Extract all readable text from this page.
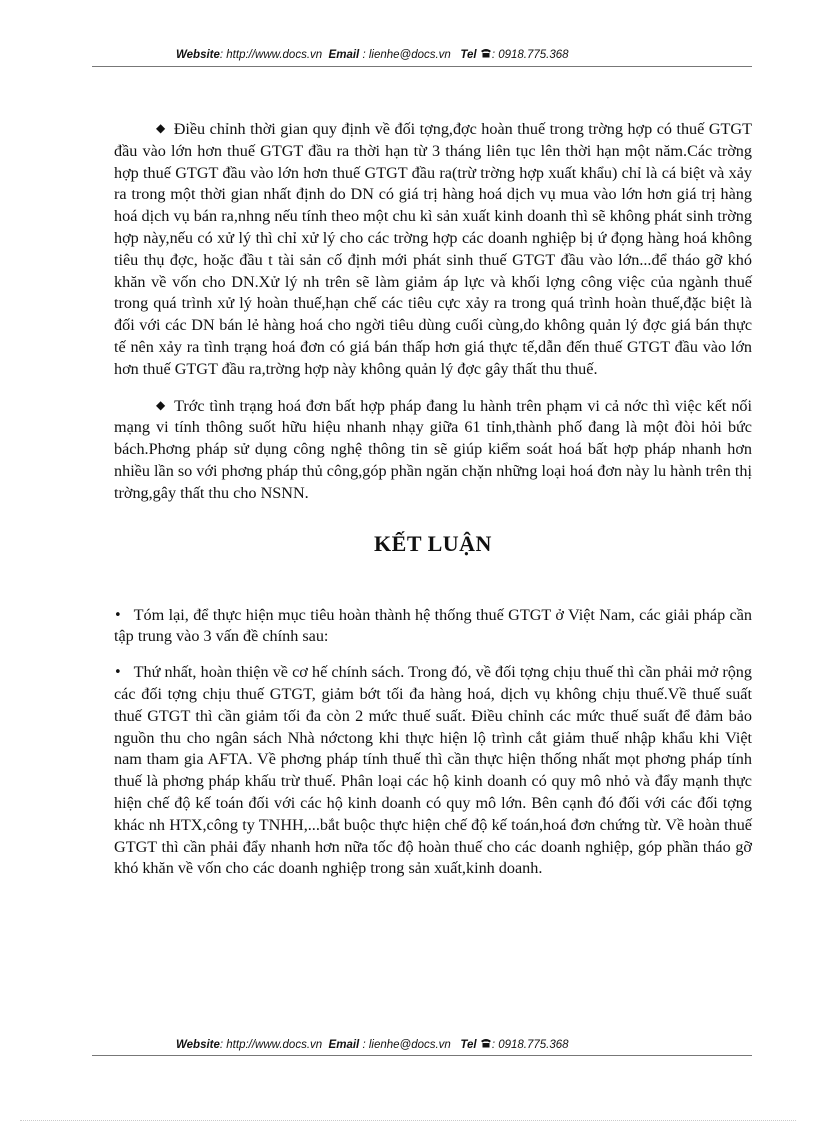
Website: http://www.docs.vn Email : lienhe@docs.vn Tel : 0918.775.368

◆ Điều chỉnh thời gian quy định về đối tợng,đợc hoàn thuế trong trờng hợp có thuế GTGT đầu vào lớn hơn thuế GTGT đầu ra thời hạn từ 3 tháng liên tục lên thời hạn một năm.Các trờng hợp thuế GTGT đầu vào lớn hơn thuế GTGT đầu ra(trừ trờng hợp xuất khẩu) chỉ là cá biệt và xảy ra trong một thời gian nhất định do DN có giá trị hàng hoá dịch vụ mua vào lớn hơn giá trị hàng hoá dịch vụ bán ra,nhng nếu tính theo một chu kì sản xuất kinh doanh thì sẽ không phát sinh trờng hợp này,nếu có xử lý thì chỉ xử lý cho các trờng hợp các doanh nghiệp bị ứ đọng hàng hoá không tiêu thụ đợc, hoặc đầu t tài sản cố định mới phát sinh thuế GTGT đầu vào lớn...để tháo gỡ khó khăn về vốn cho DN.Xử lý nh trên sẽ làm giảm áp lực và khối lợng công việc của ngành thuế trong quá trình xử lý hoàn thuế,hạn chế các tiêu cực xảy ra trong quá trình hoàn thuế,đặc biệt là đối với các DN bán lẻ hàng hoá cho ngời tiêu dùng cuối cùng,do không quản lý đợc giá bán thực tế nên xảy ra tình trạng hoá đơn có giá bán thấp hơn giá thực tế,dẫn đến thuế GTGT đầu vào lớn hơn thuế GTGT đầu ra,trờng hợp này không quản lý đợc gây thất thu thuế.

◆ Trớc tình trạng hoá đơn bất hợp pháp đang lu hành trên phạm vi cả nớc thì việc kết nối mạng vi tính thông suốt hữu hiệu nhanh nhạy giữa 61 tỉnh,thành phố đang là một đòi hỏi bức bách.Phơng pháp sử dụng công nghệ thông tin sẽ giúp kiểm soát hoá bất hợp pháp nhanh hơn nhiều lần so với phơng pháp thủ công,góp phần ngăn chặn những loại hoá đơn này lu hành trên thị trờng,gây thất thu cho NSNN.

KẾT LUẬN

• Tóm lại, để thực hiện mục tiêu hoàn thành hệ thống thuế GTGT ở Việt Nam, các giải pháp cần tập trung vào 3 vấn đề chính sau:

• Thứ nhất, hoàn thiện về cơ hế chính sách. Trong đó, về đối tợng chịu thuế thì cần phải mở rộng các đối tợng chịu thuế GTGT, giảm bớt tối đa hàng hoá, dịch vụ không chịu thuế.Về thuế suất thuế GTGT thì cần giảm tối đa còn 2 mức thuế suất. Điều chỉnh các mức thuế suất để đảm bảo nguồn thu cho ngân sách Nhà nớctong khi thực hiện lộ trình cắt giảm thuế nhập khẩu khi Việt nam tham gia AFTA. Về phơng pháp tính thuế thì cần thực hiện thống nhất mọt phơng pháp tính thuế là phơng pháp khấu trừ thuế. Phân loại các hộ kinh doanh có quy mô nhỏ và đẩy mạnh thực hiện chế độ kế toán đối với các hộ kinh doanh có quy mô lớn. Bên cạnh đó đối với các đối tợng khác nh HTX,công ty TNHH,...bắt buộc thực hiện chế độ kế toán,hoá đơn chứng từ. Về hoàn thuế GTGT thì cần phải đẩy nhanh hơn nữa tốc độ hoàn thuế cho các doanh nghiệp, góp phần tháo gỡ khó khăn về vốn cho các doanh nghiệp trong sản xuất,kinh doanh.

Website: http://www.docs.vn Email : lienhe@docs.vn Tel : 0918.775.368
